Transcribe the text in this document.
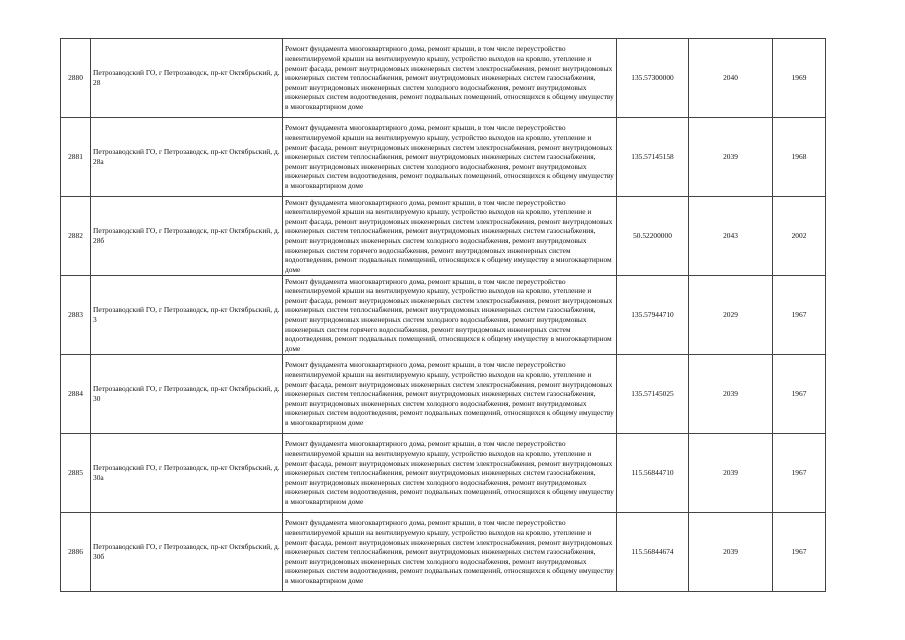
2880	Петрозаводский ГО, г Петрозаводск, пр-кт Октябрьский, д. 28	Ремонт фундамента многоквартирного дома, ремонт крыши, в том числе переустройство невентилируемой крыши на вентилируемую крышу, устройство выходов на кровлю, утепление и ремонт фасада, ремонт внутридомовых инженерных систем электроснабжения, ремонт внутридомовых инженерных систем теплоснабжения, ремонт внутридомовых инженерных систем газоснабжения, ремонт внутридомовых инженерных систем холодного водоснабжения, ремонт внутридомовых инженерных систем водоотведения, ремонт подвальных помещений, относящихся к общему имуществу в многоквартирном доме	135.57300000	2040	1969
2881	Петрозаводский ГО, г Петрозаводск, пр-кт Октябрьский, д. 28а	Ремонт фундамента многоквартирного дома, ремонт крыши, в том числе переустройство невентилируемой крыши на вентилируемую крышу, устройство выходов на кровлю, утепление и ремонт фасада, ремонт внутридомовых инженерных систем электроснабжения, ремонт внутридомовых инженерных систем теплоснабжения, ремонт внутридомовых инженерных систем газоснабжения, ремонт внутридомовых инженерных систем холодного водоснабжения, ремонт внутридомовых инженерных систем водоотведения, ремонт подвальных помещений, относящихся к общему имуществу в многоквартирном доме	135.57145158	2039	1968
2882	Петрозаводский ГО, г Петрозаводск, пр-кт Октябрьский, д. 28б	Ремонт фундамента многоквартирного дома, ремонт крыши, в том числе переустройство невентилируемой крыши на вентилируемую крышу, устройство выходов на кровлю, утепление и ремонт фасада, ремонт внутридомовых инженерных систем электроснабжения, ремонт внутридомовых инженерных систем теплоснабжения, ремонт внутридомовых инженерных систем газоснабжения, ремонт внутридомовых инженерных систем холодного водоснабжения, ремонт внутридомовых инженерных систем горячего водоснабжения, ремонт внутридомовых инженерных систем водоотведения, ремонт подвальных помещений, относящихся к общему имуществу в многоквартирном доме	50.52200000	2043	2002
2883	Петрозаводский ГО, г Петрозаводск, пр-кт Октябрьский, д. 3	Ремонт фундамента многоквартирного дома, ремонт крыши, в том числе переустройство невентилируемой крыши на вентилируемую крышу, устройство выходов на кровлю, утепление и ремонт фасада, ремонт внутридомовых инженерных систем электроснабжения, ремонт внутридомовых инженерных систем теплоснабжения, ремонт внутридомовых инженерных систем газоснабжения, ремонт внутридомовых инженерных систем холодного водоснабжения, ремонт внутридомовых инженерных систем горячего водоснабжения, ремонт внутридомовых инженерных систем водоотведения, ремонт подвальных помещений, относящихся к общему имуществу в многоквартирном доме	135.57944710	2029	1967
2884	Петрозаводский ГО, г Петрозаводск, пр-кт Октябрьский, д. 30	Ремонт фундамента многоквартирного дома, ремонт крыши, в том числе переустройство невентилируемой крыши на вентилируемую крышу, устройство выходов на кровлю, утепление и ремонт фасада, ремонт внутридомовых инженерных систем электроснабжения, ремонт внутридомовых инженерных систем теплоснабжения, ремонт внутридомовых инженерных систем газоснабжения, ремонт внутридомовых инженерных систем холодного водоснабжения, ремонт внутридомовых инженерных систем водоотведения, ремонт подвальных помещений, относящихся к общему имуществу в многоквартирном доме	135.57145025	2039	1967
2885	Петрозаводский ГО, г Петрозаводск, пр-кт Октябрьский, д. 30а	Ремонт фундамента многоквартирного дома, ремонт крыши, в том числе переустройство невентилируемой крыши на вентилируемую крышу, устройство выходов на кровлю, утепление и ремонт фасада, ремонт внутридомовых инженерных систем электроснабжения, ремонт внутридомовых инженерных систем теплоснабжения, ремонт внутридомовых инженерных систем газоснабжения, ремонт внутридомовых инженерных систем холодного водоснабжения, ремонт внутридомовых инженерных систем водоотведения, ремонт подвальных помещений, относящихся к общему имуществу в многоквартирном доме	115.56844710	2039	1967
2886	Петрозаводский ГО, г Петрозаводск, пр-кт Октябрьский, д. 30б	Ремонт фундамента многоквартирного дома, ремонт крыши, в том числе переустройство невентилируемой крыши на вентилируемую крышу, устройство выходов на кровлю, утепление и ремонт фасада, ремонт внутридомовых инженерных систем электроснабжения, ремонт внутридомовых инженерных систем теплоснабжения, ремонт внутридомовых инженерных систем газоснабжения, ремонт внутридомовых инженерных систем холодного водоснабжения, ремонт внутридомовых инженерных систем водоотведения, ремонт подвальных помещений, относящихся к общему имуществу в многоквартирном доме	115.56844674	2039	1967
